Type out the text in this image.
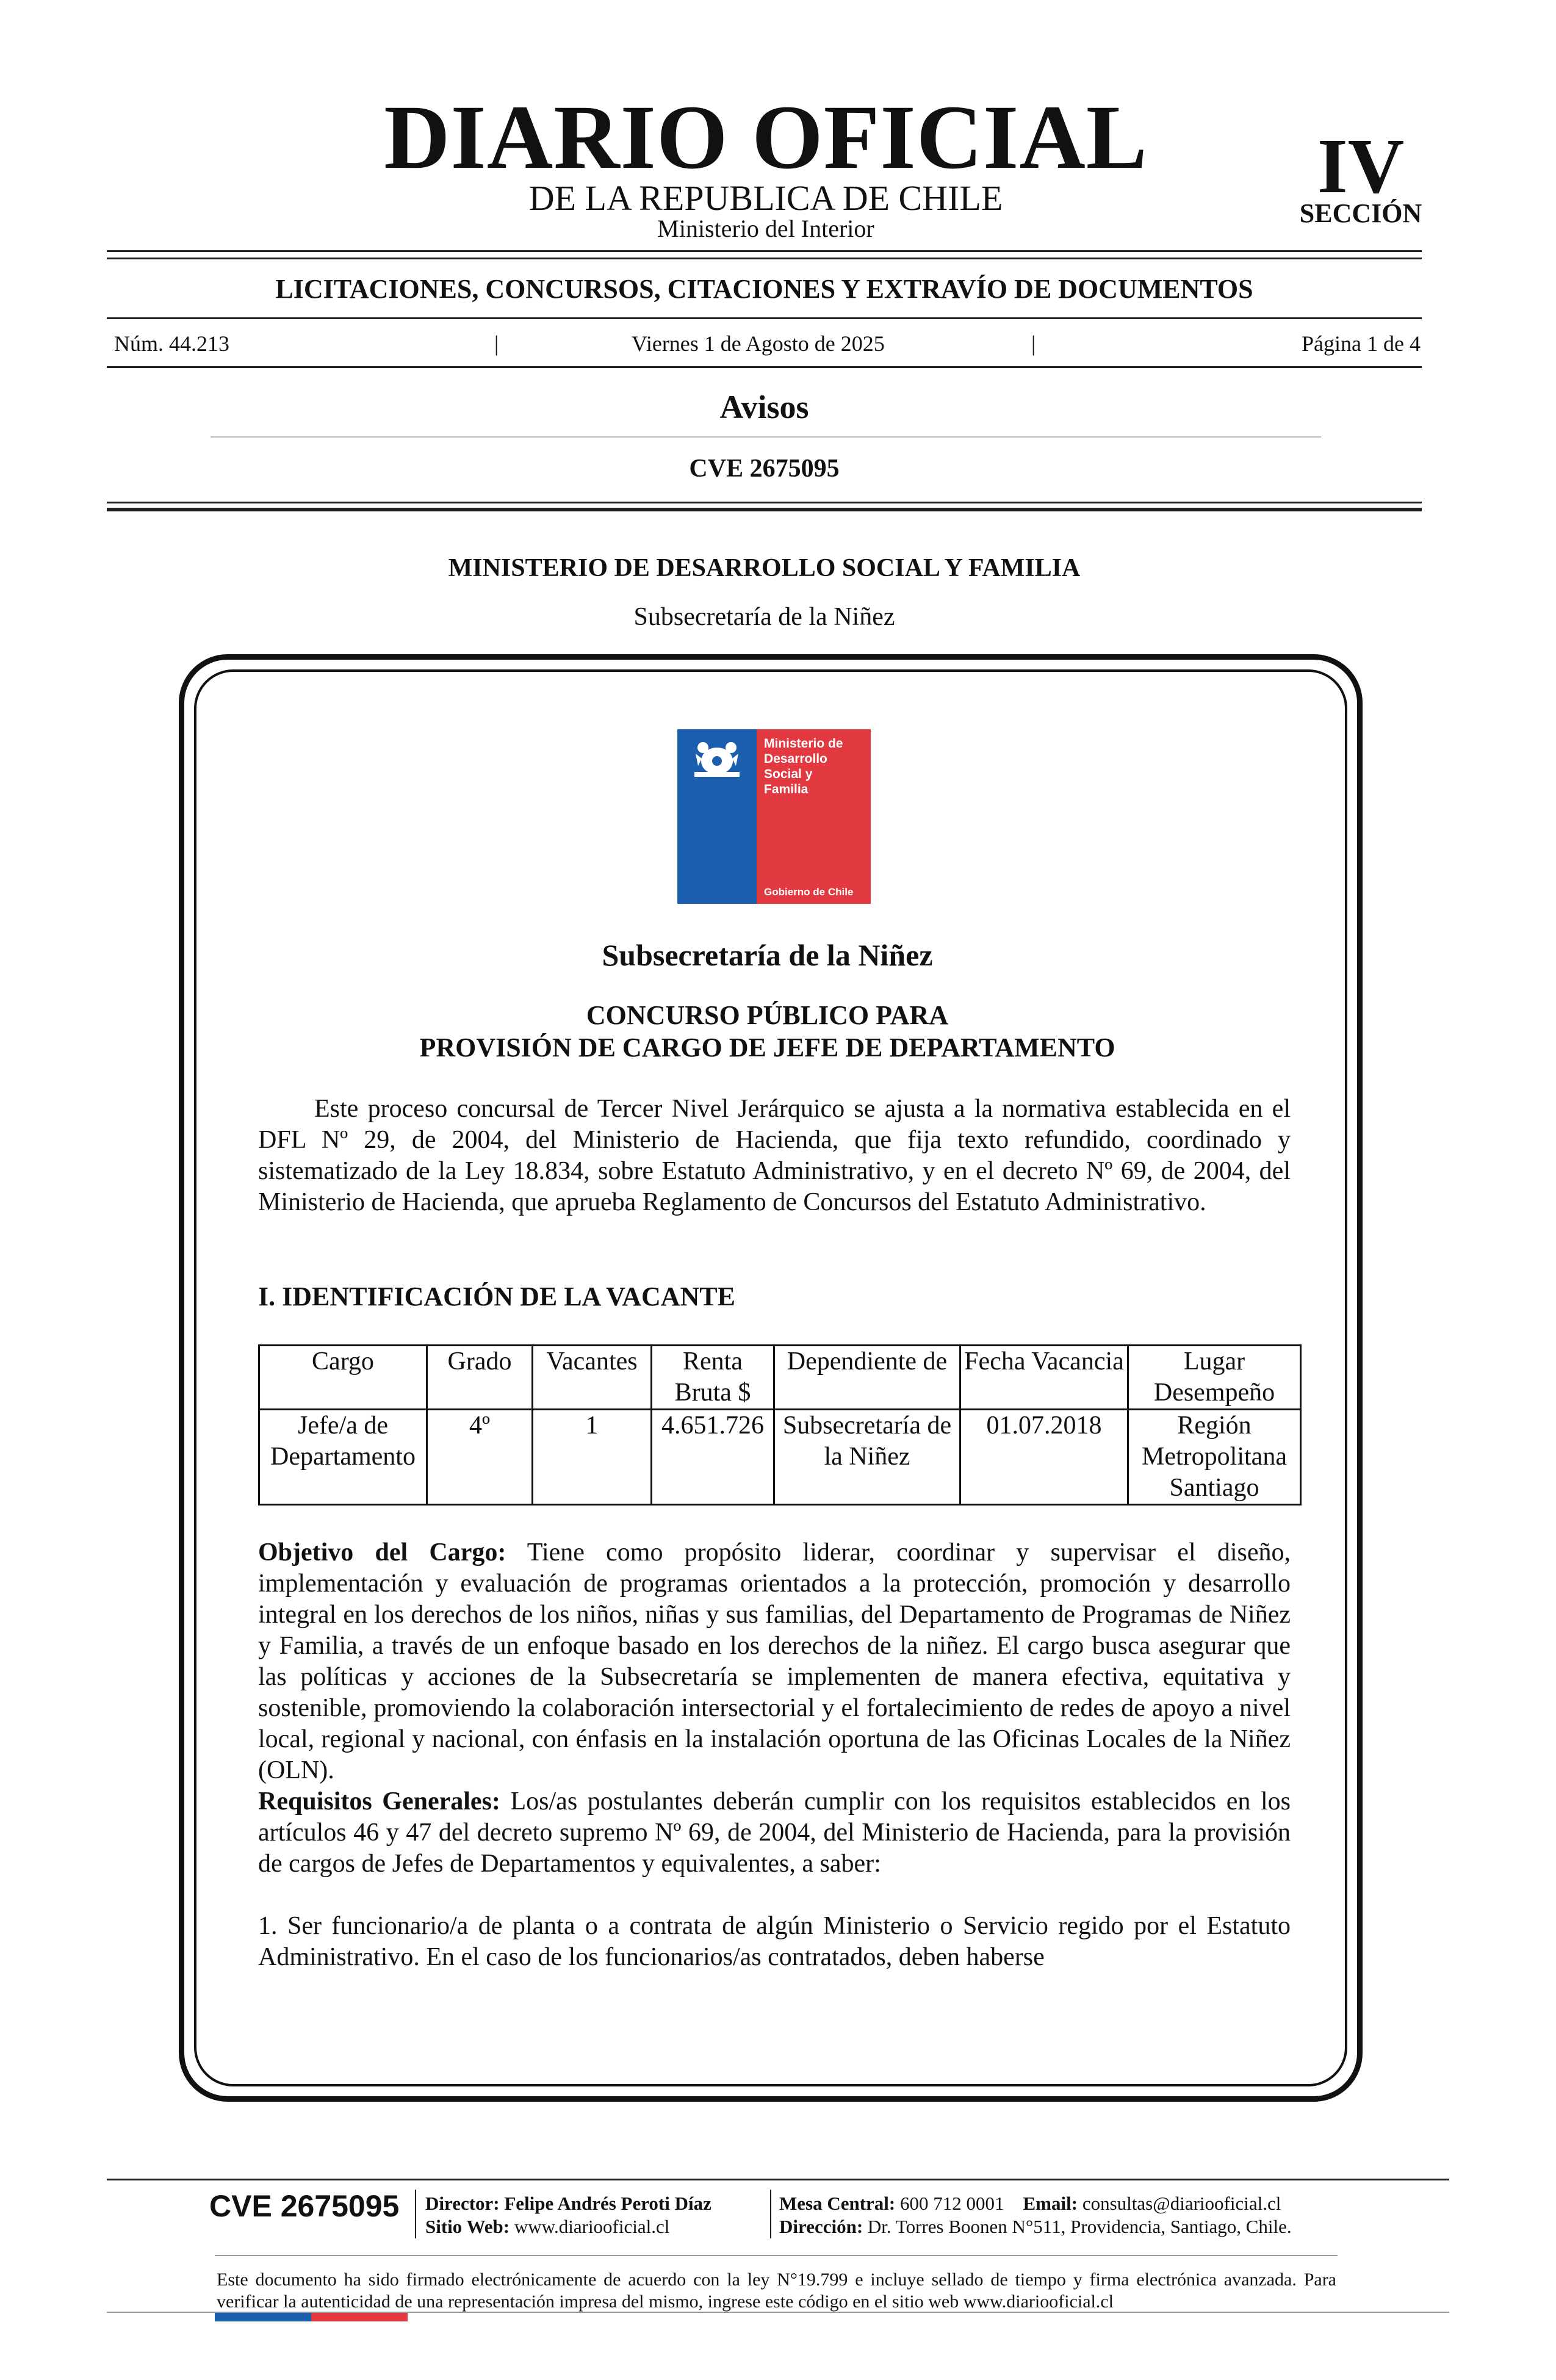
DIARIO OFICIAL
DE LA REPUBLICA DE CHILE
Ministerio del Interior
IV
SECCIÓN
LICITACIONES, CONCURSOS, CITACIONES Y EXTRAVÍO DE DOCUMENTOS
Núm. 44.213	|	Viernes 1 de Agosto de 2025	|	Página 1 de 4
Avisos
CVE 2675095
MINISTERIO DE DESARROLLO SOCIAL Y FAMILIA
Subsecretaría de la Niñez
Ministerio de
Desarrollo
Social y
Familia
Gobierno de Chile
Subsecretaría de la Niñez
CONCURSO PÚBLICO PARA
PROVISIÓN DE CARGO DE JEFE DE DEPARTAMENTO
Este proceso concursal de Tercer Nivel Jerárquico se ajusta a la normativa establecida en el DFL Nº 29, de 2004, del Ministerio de Hacienda, que fija texto refundido, coordinado y sistematizado de la Ley 18.834, sobre Estatuto Administrativo, y en el decreto Nº 69, de 2004, del Ministerio de Hacienda, que aprueba Reglamento de Concursos del Estatuto Administrativo.
I. IDENTIFICACIÓN DE LA VACANTE
Cargo	Grado	Vacantes	Renta Bruta $	Dependiente de	Fecha Vacancia	Lugar Desempeño
Jefe/a de Departamento	4º	1	4.651.726	Subsecretaría de la Niñez	01.07.2018	Región Metropolitana Santiago
Objetivo del Cargo: Tiene como propósito liderar, coordinar y supervisar el diseño, implementación y evaluación de programas orientados a la protección, promoción y desarrollo integral en los derechos de los niños, niñas y sus familias, del Departamento de Programas de Niñez y Familia, a través de un enfoque basado en los derechos de la niñez. El cargo busca asegurar que las políticas y acciones de la Subsecretaría se implementen de manera efectiva, equitativa y sostenible, promoviendo la colaboración intersectorial y el fortalecimiento de redes de apoyo a nivel local, regional y nacional, con énfasis en la instalación oportuna de las Oficinas Locales de la Niñez (OLN).
Requisitos Generales: Los/as postulantes deberán cumplir con los requisitos establecidos en los artículos 46 y 47 del decreto supremo Nº 69, de 2004, del Ministerio de Hacienda, para la provisión de cargos de Jefes de Departamentos y equivalentes, a saber:
1. Ser funcionario/a de planta o a contrata de algún Ministerio o Servicio regido por el Estatuto Administrativo. En el caso de los funcionarios/as contratados, deben haberse
CVE 2675095 Director: Felipe Andrés Peroti Díaz
Sitio Web: www.diariooficial.cl
Mesa Central: 600 712 0001 Email: consultas@diariooficial.cl
Dirección: Dr. Torres Boonen N°511, Providencia, Santiago, Chile.
Este documento ha sido firmado electrónicamente de acuerdo con la ley N°19.799 e incluye sellado de tiempo y firma electrónica avanzada. Para verificar la autenticidad de una representación impresa del mismo, ingrese este código en el sitio web www.diariooficial.cl
